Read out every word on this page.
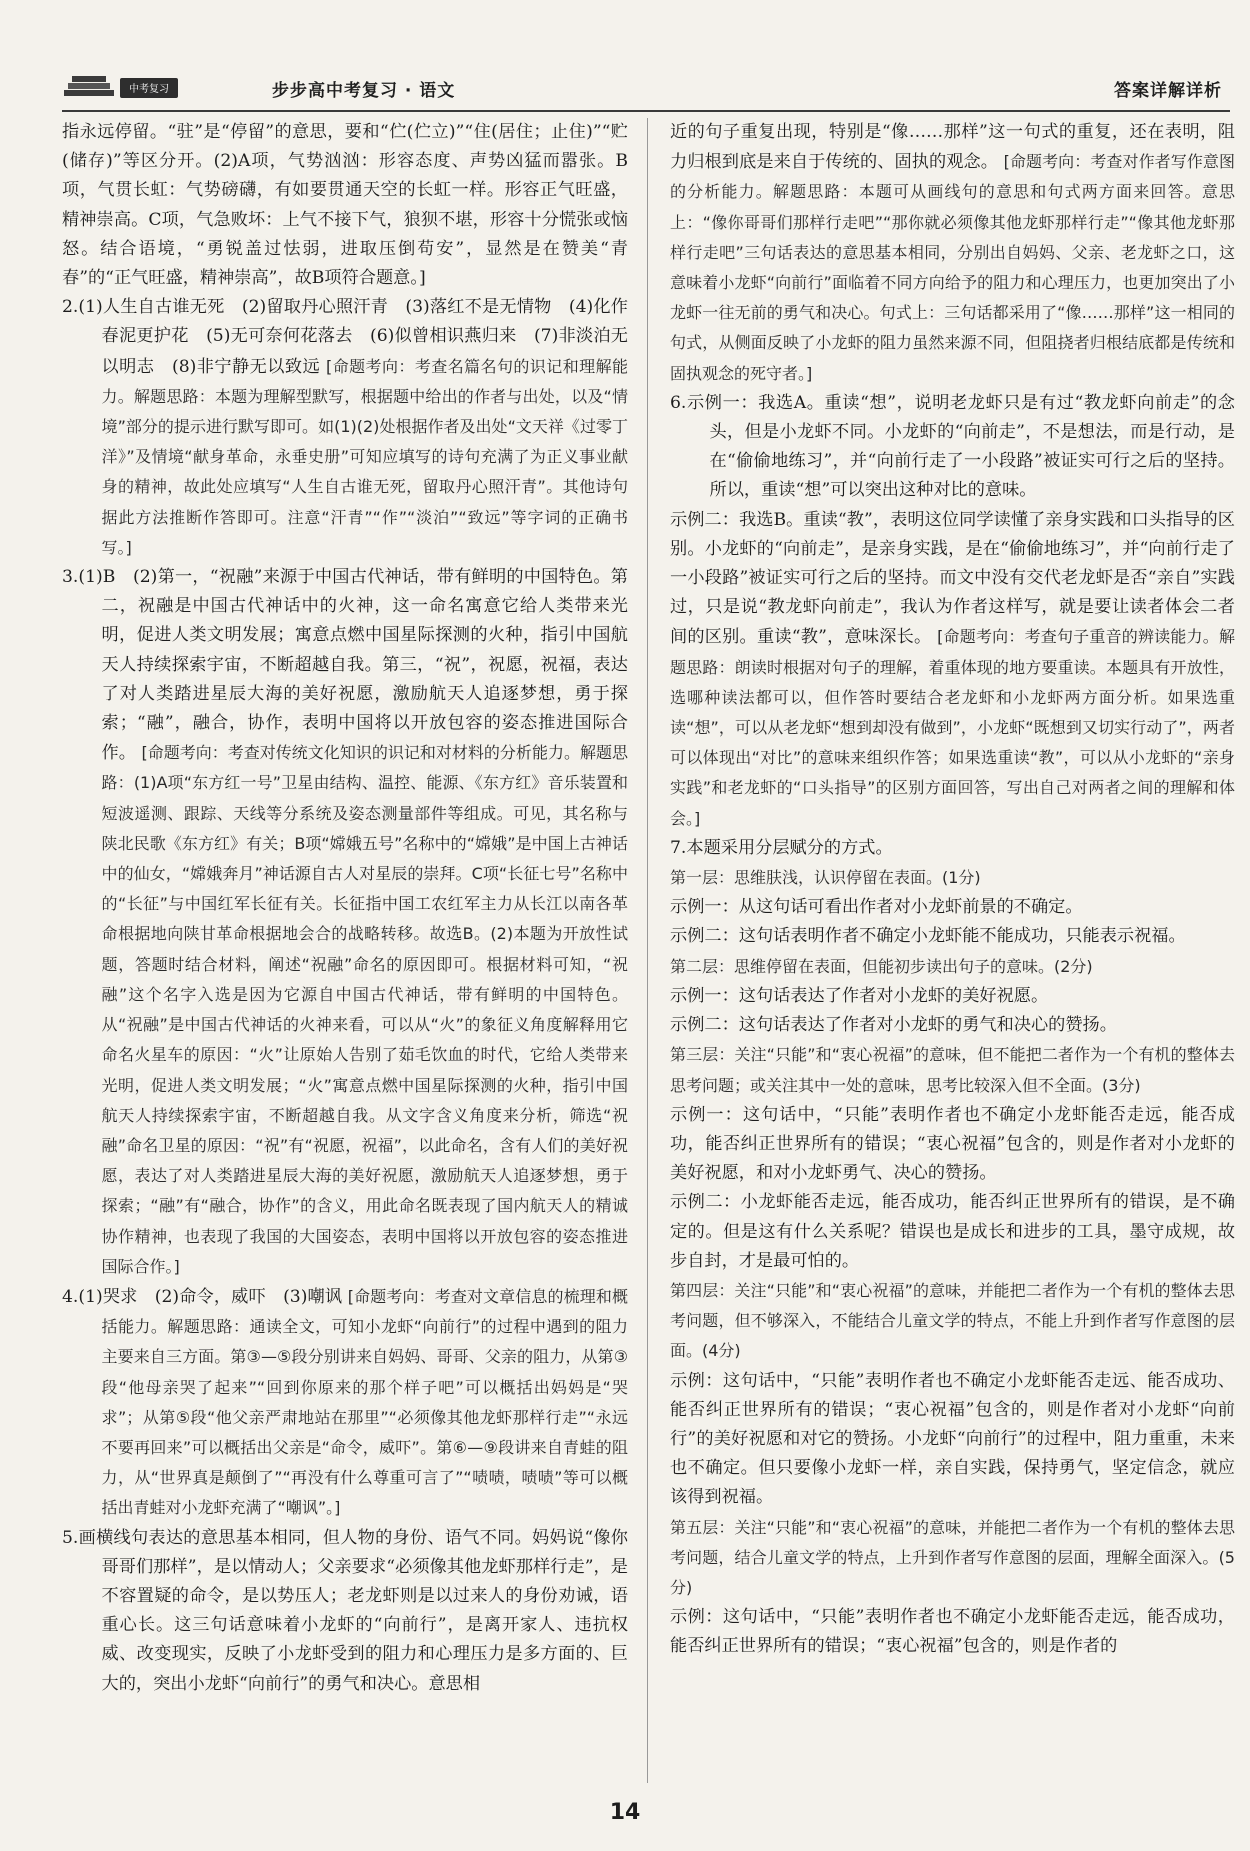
中考复习	步步高中考复习 · 语文	答案详解详析

指永远停留。“驻”是“停留”的意思，要和“伫(伫立)”“住(居住；止住)”“贮(储存)”等区分开。(2)A项，气势汹汹：形容态度、声势凶猛而嚣张。B项，气贯长虹：气势磅礴，有如要贯通天空的长虹一样。形容正气旺盛，精神崇高。C项，气急败坏：上气不接下气，狼狈不堪，形容十分慌张或恼怒。结合语境，“勇锐盖过怯弱，进取压倒苟安”，显然是在赞美“青春”的“正气旺盛，精神崇高”，故B项符合题意。]

2.(1)人生自古谁无死　(2)留取丹心照汗青　(3)落红不是无情物　(4)化作春泥更护花　(5)无可奈何花落去　(6)似曾相识燕归来　(7)非淡泊无以明志　(8)非宁静无以致远 [命题考向：考查名篇名句的识记和理解能力。解题思路：本题为理解型默写，根据题中给出的作者与出处，以及“情境”部分的提示进行默写即可。如(1)(2)处根据作者及出处“文天祥《过零丁洋》”及情境“献身革命，永垂史册”可知应填写的诗句充满了为正义事业献身的精神，故此处应填写“人生自古谁无死，留取丹心照汗青”。其他诗句据此方法推断作答即可。注意“汗青”“作”“淡泊”“致远”等字词的正确书写。]

3.(1)B　(2)第一，“祝融”来源于中国古代神话，带有鲜明的中国特色。第二，祝融是中国古代神话中的火神，这一命名寓意它给人类带来光明，促进人类文明发展；寓意点燃中国星际探测的火种，指引中国航天人持续探索宇宙，不断超越自我。第三，“祝”，祝愿，祝福，表达了对人类踏进星辰大海的美好祝愿，激励航天人追逐梦想，勇于探索；“融”，融合，协作，表明中国将以开放包容的姿态推进国际合作。 [命题考向：考查对传统文化知识的识记和对材料的分析能力。解题思路：(1)A项“东方红一号”卫星由结构、温控、能源、《东方红》音乐装置和短波遥测、跟踪、天线等分系统及姿态测量部件等组成。可见，其名称与陕北民歌《东方红》有关；B项“嫦娥五号”名称中的“嫦娥”是中国上古神话中的仙女，“嫦娥奔月”神话源自古人对星辰的崇拜。C项“长征七号”名称中的“长征”与中国红军长征有关。长征指中国工农红军主力从长江以南各革命根据地向陕甘革命根据地会合的战略转移。故选B。(2)本题为开放性试题，答题时结合材料，阐述“祝融”命名的原因即可。根据材料可知，“祝融”这个名字入选是因为它源自中国古代神话，带有鲜明的中国特色。从“祝融”是中国古代神话的火神来看，可以从“火”的象征义角度解释用它命名火星车的原因：“火”让原始人告别了茹毛饮血的时代，它给人类带来光明，促进人类文明发展；“火”寓意点燃中国星际探测的火种，指引中国航天人持续探索宇宙，不断超越自我。从文字含义角度来分析，筛选“祝融”命名卫星的原因：“祝”有“祝愿，祝福”，以此命名，含有人们的美好祝愿，表达了对人类踏进星辰大海的美好祝愿，激励航天人追逐梦想，勇于探索；“融”有“融合，协作”的含义，用此命名既表现了国内航天人的精诚协作精神，也表现了我国的大国姿态，表明中国将以开放包容的姿态推进国际合作。]

4.(1)哭求　(2)命令，威吓　(3)嘲讽 [命题考向：考查对文章信息的梳理和概括能力。解题思路：通读全文，可知小龙虾“向前行”的过程中遇到的阻力主要来自三方面。第③—⑤段分别讲来自妈妈、哥哥、父亲的阻力，从第③段“他母亲哭了起来”“回到你原来的那个样子吧”可以概括出妈妈是“哭求”；从第⑤段“他父亲严肃地站在那里”“必须像其他龙虾那样行走”“永远不要再回来”可以概括出父亲是“命令，威吓”。第⑥—⑨段讲来自青蛙的阻力，从“世界真是颠倒了”“再没有什么尊重可言了”“啧啧，啧啧”等可以概括出青蛙对小龙虾充满了“嘲讽”。]

5.画横线句表达的意思基本相同，但人物的身份、语气不同。妈妈说“像你哥哥们那样”，是以情动人；父亲要求“必须像其他龙虾那样行走”，是不容置疑的命令，是以势压人；老龙虾则是以过来人的身份劝诫，语重心长。这三句话意味着小龙虾的“向前行”，是离开家人、违抗权威、改变现实，反映了小龙虾受到的阻力和心理压力是多方面的、巨大的，突出小龙虾“向前行”的勇气和决心。意思相

近的句子重复出现，特别是“像……那样”这一句式的重复，还在表明，阻力归根到底是来自于传统的、固执的观念。 [命题考向：考查对作者写作意图的分析能力。解题思路：本题可从画线句的意思和句式两方面来回答。意思上：“像你哥哥们那样行走吧”“那你就必须像其他龙虾那样行走”“像其他龙虾那样行走吧”三句话表达的意思基本相同，分别出自妈妈、父亲、老龙虾之口，这意味着小龙虾“向前行”面临着不同方向给予的阻力和心理压力，也更加突出了小龙虾一往无前的勇气和决心。句式上：三句话都采用了“像……那样”这一相同的句式，从侧面反映了小龙虾的阻力虽然来源不同，但阻挠者归根结底都是传统和固执观念的死守者。]

6.示例一：我选A。重读“想”，说明老龙虾只是有过“教龙虾向前走”的念头，但是小龙虾不同。小龙虾的“向前走”，不是想法，而是行动，是在“偷偷地练习”，并“向前行走了一小段路”被证实可行之后的坚持。所以，重读“想”可以突出这种对比的意味。

示例二：我选B。重读“教”，表明这位同学读懂了亲身实践和口头指导的区别。小龙虾的“向前走”，是亲身实践，是在“偷偷地练习”，并“向前行走了一小段路”被证实可行之后的坚持。而文中没有交代老龙虾是否“亲自”实践过，只是说“教龙虾向前走”，我认为作者这样写，就是要让读者体会二者间的区别。重读“教”，意味深长。 [命题考向：考查句子重音的辨读能力。解题思路：朗读时根据对句子的理解，着重体现的地方要重读。本题具有开放性，选哪种读法都可以，但作答时要结合老龙虾和小龙虾两方面分析。如果选重读“想”，可以从老龙虾“想到却没有做到”，小龙虾“既想到又切实行动了”，两者可以体现出“对比”的意味来组织作答；如果选重读“教”，可以从小龙虾的“亲身实践”和老龙虾的“口头指导”的区别方面回答，写出自己对两者之间的理解和体会。]

7.本题采用分层赋分的方式。

第一层：思维肤浅，认识停留在表面。(1分)

示例一：从这句话可看出作者对小龙虾前景的不确定。

示例二：这句话表明作者不确定小龙虾能不能成功，只能表示祝福。

第二层：思维停留在表面，但能初步读出句子的意味。(2分)

示例一：这句话表达了作者对小龙虾的美好祝愿。

示例二：这句话表达了作者对小龙虾的勇气和决心的赞扬。

第三层：关注“只能”和“衷心祝福”的意味，但不能把二者作为一个有机的整体去思考问题；或关注其中一处的意味，思考比较深入但不全面。(3分)

示例一：这句话中，“只能”表明作者也不确定小龙虾能否走远，能否成功，能否纠正世界所有的错误；“衷心祝福”包含的，则是作者对小龙虾的美好祝愿，和对小龙虾勇气、决心的赞扬。

示例二：小龙虾能否走远，能否成功，能否纠正世界所有的错误，是不确定的。但是这有什么关系呢？错误也是成长和进步的工具，墨守成规，故步自封，才是最可怕的。

第四层：关注“只能”和“衷心祝福”的意味，并能把二者作为一个有机的整体去思考问题，但不够深入，不能结合儿童文学的特点，不能上升到作者写作意图的层面。(4分)

示例：这句话中，“只能”表明作者也不确定小龙虾能否走远、能否成功、能否纠正世界所有的错误；“衷心祝福”包含的，则是作者对小龙虾“向前行”的美好祝愿和对它的赞扬。小龙虾“向前行”的过程中，阻力重重，未来也不确定。但只要像小龙虾一样，亲自实践，保持勇气，坚定信念，就应该得到祝福。

第五层：关注“只能”和“衷心祝福”的意味，并能把二者作为一个有机的整体去思考问题，结合儿童文学的特点，上升到作者写作意图的层面，理解全面深入。(5分)

示例：这句话中，“只能”表明作者也不确定小龙虾能否走远，能否成功，能否纠正世界所有的错误；“衷心祝福”包含的，则是作者的

14
